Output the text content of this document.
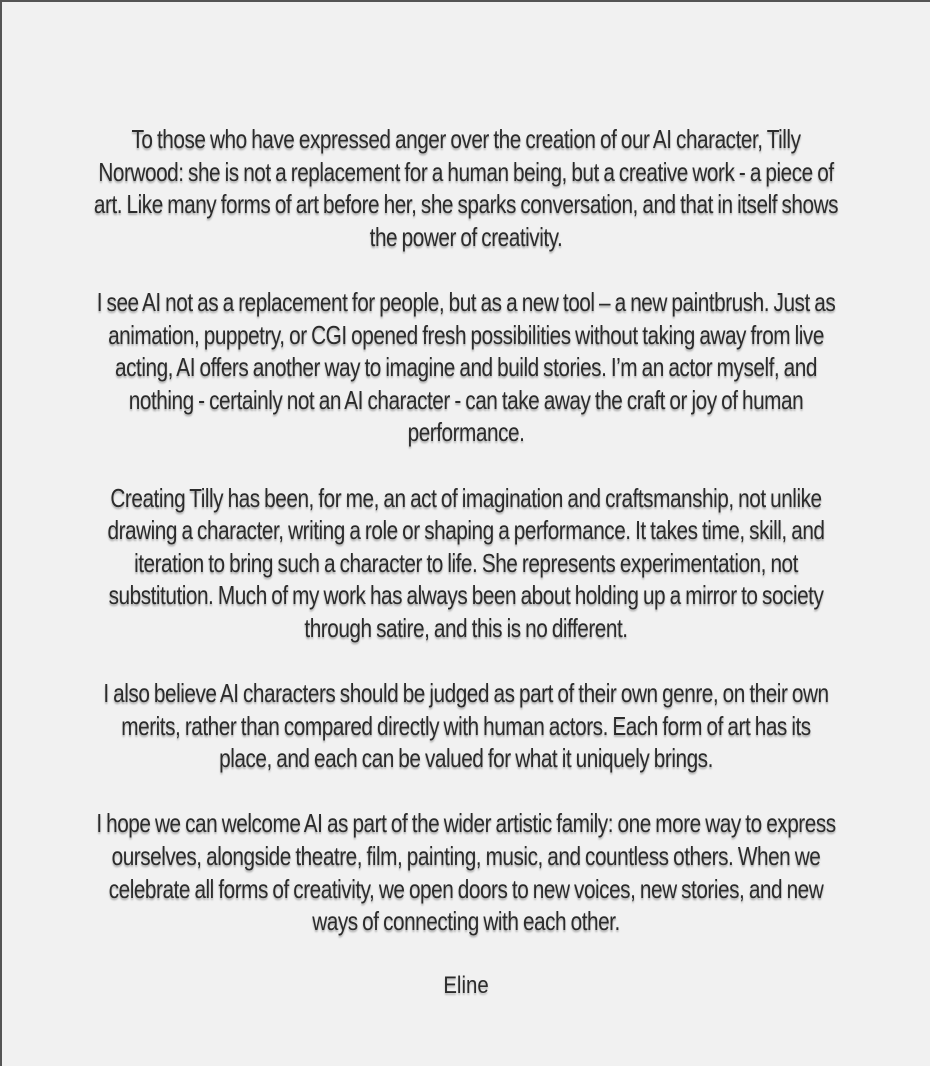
To those who have expressed anger over the creation of our AI character, Tilly
Norwood: she is not a replacement for a human being, but a creative work - a piece of
art. Like many forms of art before her, she sparks conversation, and that in itself shows
the power of creativity.
I see AI not as a replacement for people, but as a new tool – a new paintbrush. Just as
animation, puppetry, or CGI opened fresh possibilities without taking away from live
acting, AI offers another way to imagine and build stories. I’m an actor myself, and
nothing - certainly not an AI character - can take away the craft or joy of human
performance.
Creating Tilly has been, for me, an act of imagination and craftsmanship, not unlike
drawing a character, writing a role or shaping a performance. It takes time, skill, and
iteration to bring such a character to life. She represents experimentation, not
substitution. Much of my work has always been about holding up a mirror to society
through satire, and this is no different.
I also believe AI characters should be judged as part of their own genre, on their own
merits, rather than compared directly with human actors. Each form of art has its
place, and each can be valued for what it uniquely brings.
I hope we can welcome AI as part of the wider artistic family: one more way to express
ourselves, alongside theatre, film, painting, music, and countless others. When we
celebrate all forms of creativity, we open doors to new voices, new stories, and new
ways of connecting with each other.
Eline
